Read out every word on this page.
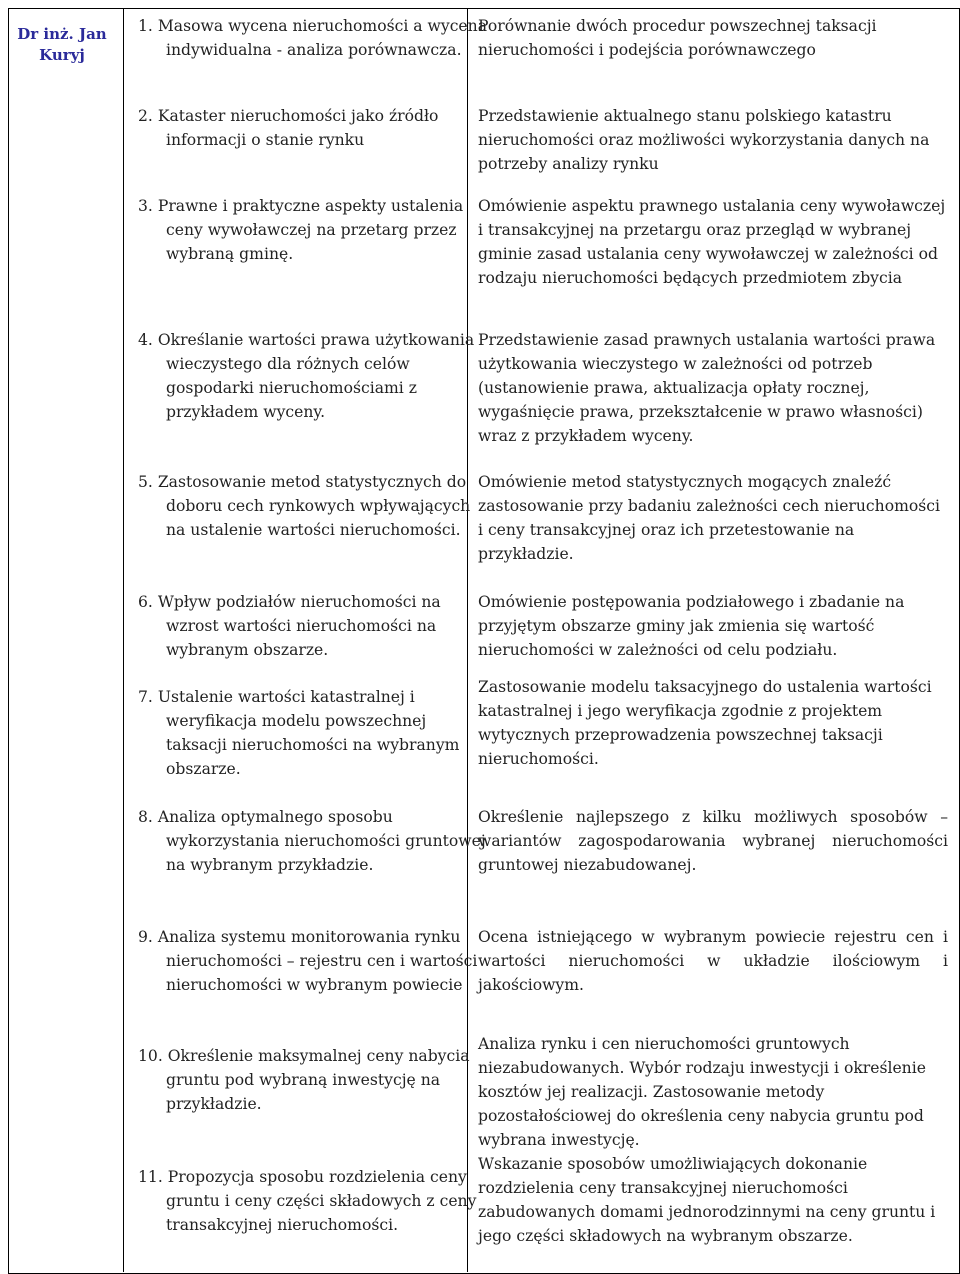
Dr inż. Jan Kuryj
1. Masowa wycena nieruchomości a wycena indywidualna - analiza porównawcza.
2. Kataster nieruchomości jako źródło informacji o stanie rynku
3. Prawne i praktyczne aspekty ustalenia ceny wywoławczej na przetarg przez wybraną gminę.
4. Określanie wartości prawa użytkowania wieczystego dla różnych celów gospodarki nieruchomościami z przykładem wyceny.
5. Zastosowanie metod statystycznych do doboru cech rynkowych wpływających na ustalenie wartości nieruchomości.
6. Wpływ podziałów nieruchomości na wzrost wartości nieruchomości na wybranym obszarze.
7. Ustalenie wartości katastralnej i weryfikacja modelu powszechnej taksacji nieruchomości na wybranym obszarze.
8. Analiza optymalnego sposobu wykorzystania nieruchomości gruntowej na wybranym przykładzie.
9. Analiza systemu monitorowania rynku nieruchomości – rejestru cen i wartości nieruchomości w wybranym powiecie
10. Określenie maksymalnej ceny nabycia gruntu pod wybraną inwestycję na przykładzie.
11. Propozycja sposobu rozdzielenia ceny gruntu i ceny części składowych z ceny transakcyjnej nieruchomości.
Porównanie dwóch procedur powszechnej taksacji nieruchomości i podejścia porównawczego
Przedstawienie aktualnego stanu polskiego katastru nieruchomości oraz możliwości wykorzystania danych na potrzeby analizy rynku
Omówienie aspektu prawnego ustalania ceny wywoławczej i transakcyjnej na przetargu oraz przegląd w wybranej gminie zasad ustalania ceny wywoławczej w zależności od rodzaju nieruchomości będących przedmiotem zbycia
Przedstawienie zasad prawnych ustalania wartości prawa użytkowania wieczystego w zależności od potrzeb (ustanowienie prawa, aktualizacja opłaty rocznej, wygaśnięcie prawa, przekształcenie w prawo własności) wraz z przykładem wyceny.
Omówienie metod statystycznych mogących znaleźć zastosowanie przy badaniu zależności cech nieruchomości i ceny transakcyjnej oraz ich przetestowanie na przykładzie.
Omówienie postępowania podziałowego i zbadanie na przyjętym obszarze gminy jak zmienia się wartość nieruchomości w zależności od celu podziału.
Zastosowanie modelu taksacyjnego do ustalenia wartości katastralnej i jego weryfikacja zgodnie z projektem wytycznych przeprowadzenia powszechnej taksacji nieruchomości.
Określenie najlepszego z kilku możliwych sposobów – wariantów zagospodarowania wybranej nieruchomości gruntowej niezabudowanej.
Ocena istniejącego w wybranym powiecie rejestru cen i wartości nieruchomości w układzie ilościowym i jakościowym.
Analiza rynku i cen nieruchomości gruntowych niezabudowanych. Wybór rodzaju inwestycji i określenie kosztów jej realizacji. Zastosowanie metody pozostałościowej do określenia ceny nabycia gruntu pod wybrana inwestycję.
Wskazanie sposobów umożliwiających dokonanie rozdzielenia ceny transakcyjnej nieruchomości zabudowanych domami jednorodzinnymi na ceny gruntu i jego części składowych na wybranym obszarze.
